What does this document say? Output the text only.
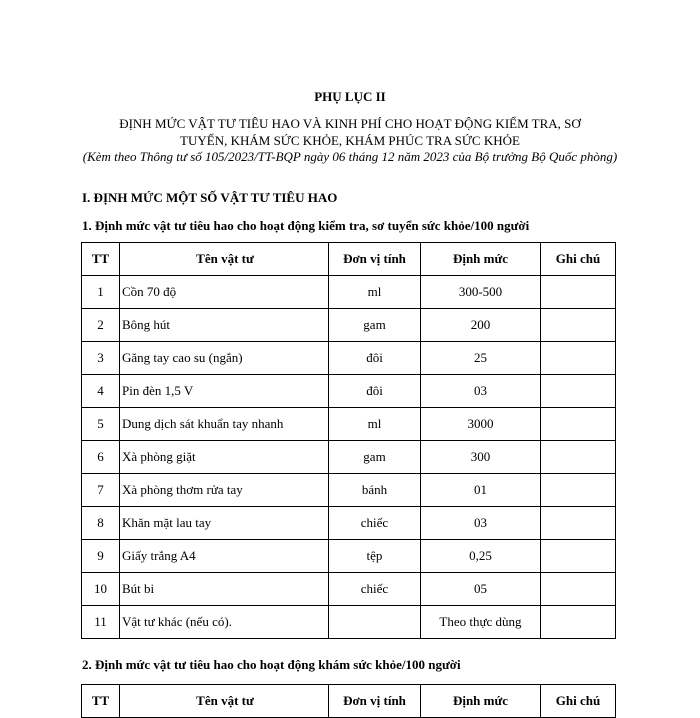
PHỤ LỤC II
ĐỊNH MỨC VẬT TƯ TIÊU HAO VÀ KINH PHÍ CHO HOẠT ĐỘNG KIỂM TRA, SƠ TUYỂN, KHÁM SỨC KHỎE, KHÁM PHÚC TRA SỨC KHỎE
(Kèm theo Thông tư số 105/2023/TT-BQP ngày 06 tháng 12 năm 2023 của Bộ trưởng Bộ Quốc phòng)
I. ĐỊNH MỨC MỘT SỐ VẬT TƯ TIÊU HAO
1. Định mức vật tư tiêu hao cho hoạt động kiểm tra, sơ tuyển sức khỏe/100 người
TT	Tên vật tư	Đơn vị tính	Định mức	Ghi chú
1	Cồn 70 độ	ml	300-500	
2	Bông hút	gam	200	
3	Găng tay cao su (ngắn)	đôi	25	
4	Pin đèn 1,5 V	đôi	03	
5	Dung dịch sát khuẩn tay nhanh	ml	3000	
6	Xà phòng giặt	gam	300	
7	Xà phòng thơm rửa tay	bánh	01	
8	Khăn mặt lau tay	chiếc	03	
9	Giấy trắng A4	tệp	0,25	
10	Bút bi	chiếc	05	
11	Vật tư khác (nếu có).		Theo thực dùng	
2. Định mức vật tư tiêu hao cho hoạt động khám sức khỏe/100 người
TT	Tên vật tư	Đơn vị tính	Định mức	Ghi chú
